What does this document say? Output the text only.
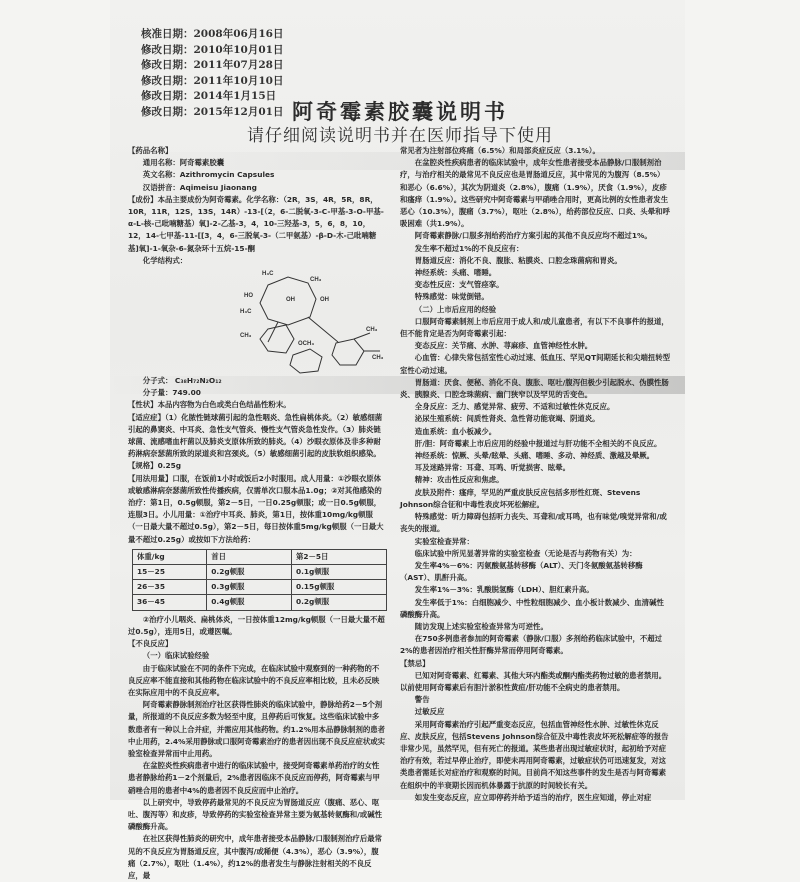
核准日期：2008年06月16日
修改日期：2010年10月01日
修改日期：2011年07月28日
修改日期：2011年10月10日
修改日期：2014年1月15日
修改日期：2015年12月01日 阿奇霉素胶囊说明书
请仔细阅读说明书并在医师指导下使用

【药品名称】

通用名称：阿奇霉素胶囊

英文名称：Azithromycin Capsules

汉语拼音：Aqimeisu Jiaonang

【成份】本品主要成份为阿奇霉素。化学名称：（2R，3S，4R，5R，8R，10R，11R，12S，13S，14R）-13-[（2，6-二脱氧-3-C-甲基-3-O-甲基-α-L-核-己吡喃糖基）氧]-2-乙基-3，4，10-三羟基-3，5，6，8，10，12，14-七甲基-11-[[3，4，6-三脱氧-3-（二甲氨基）-β-D-木-己吡喃糖基]氧]-1-氧杂-6-氮杂环十五烷-15-酮

化学结构式：

H₃C
CH₃
HO
OH
H₃C
OH
CH₃
CH₃
CH₃
OCH₃

分子式： C₃₈H₇₂N₂O₁₂

分子量：749.00

【性状】本品内容物为白色或类白色结晶性粉末。

【适应症】（1）化脓性链球菌引起的急性咽炎、急性扁桃体炎。（2）敏感细菌引起的鼻窦炎、中耳炎、急性支气管炎、慢性支气管炎急性发作。（3）肺炎链球菌、流感嗜血杆菌以及肺炎支原体所致的肺炎。（4）沙眼衣原体及非多种耐药淋病奈瑟菌所致的尿道炎和宫颈炎。（5）敏感细菌引起的皮肤软组织感染。

【规格】0.25g

【用法用量】口服，在饭前1小时或饭后2小时服用。成人用量：①沙眼衣原体或敏感淋病奈瑟菌所致性传播疾病，仅需单次口服本品1.0g；②对其他感染的治疗：第1日，0.5g顿服，第2－5日，一日0.25g顿服；或一日0.5g顿服，连服3日。小儿用量：①治疗中耳炎、肺炎，第1日，按体重10mg/kg顿服（一日最大量不超过0.5g），第2－5日，每日按体重5mg/kg顿服（一日最大量不超过0.25g）或按如下方法给药：

体重/kg	首日	第2－5日
15－25	0.2g顿服	0.1g顿服
26－35	0.3g顿服	0.15g顿服
36－45	0.4g顿服	0.2g顿服

②治疗小儿咽炎、扁桃体炎，一日按体重12mg/kg顿服（一日最大量不超过0.5g），连用5日，或遵医嘱。

【不良反应】

（一）临床试验经验

由于临床试验在不同的条件下完成，在临床试验中观察到的一种药物的不良反应率不能直接和其他药物在临床试验中的不良反应率相比较，且未必反映在实际应用中的不良反应率。

阿奇霉素静脉制剂治疗社区获得性肺炎的临床试验中，静脉给药2－5个剂量，所报道的不良反应多数为轻至中度，且停药后可恢复。这些临床试验中多数患者有一种以上合并症，并需应用其他药物。约1.2%用本品静脉制剂的患者中止用药，2.4%采用静脉或口服阿奇霉素治疗的患者因出现不良反应症状或实验室检查异常而中止用药。

在盆腔炎性疾病患者中进行的临床试验中，接受阿奇霉素单药治疗的女性患者静脉给药1－2个剂量后，2%患者因临床不良反应而停药，阿奇霉素与甲硝唑合用的患者中4%的患者因不良反应而中止治疗。

以上研究中，导致停药最常见的不良反应为胃肠道反应（腹痛、恶心、呕吐、腹泻等）和皮疹，导致停药的实验室检查异常主要为氨基转氨酶和/或碱性磷酸酶升高。

在社区获得性肺炎的研究中，成年患者接受本品静脉/口服制剂治疗后最常见的不良反应为胃肠道反应，其中腹泻/或稀便（4.3%），恶心（3.9%），腹痛（2.7%），呕吐（1.4%），约12%的患者发生与静脉注射相关的不良反应，最

常见者为注射部位疼痛（6.5%）和局部炎症反应（3.1%）。

在盆腔炎性疾病患者的临床试验中，成年女性患者接受本品静脉/口服制剂治疗，与治疗相关的最常见不良反应也是胃肠道反应，其中常见的为腹泻（8.5%）和恶心（6.6%），其次为阴道炎（2.8%），腹痛（1.9%），厌食（1.9%），皮疹和瘙痒（1.9%）。这些研究中阿奇霉素与甲硝唑合用时，更高比例的女性患者发生恶心（10.3%），腹痛（3.7%），呕吐（2.8%），给药部位反应、口炎、头晕和呼吸困难（共1.9%）。

阿奇霉素静脉/口服多剂给药治疗方案引起的其他不良反应均不超过1%。

发生率不超过1%的不良反应有：

胃肠道反应：消化不良、腹胀、粘膜炎、口腔念珠菌病和胃炎。

神经系统：头痛、嗜睡。

变态性反应：支气管痉挛。

特殊感觉：味觉倒错。

（二）上市后应用的经验

口服阿奇霉素制剂上市后应用于成人和/或儿童患者，有以下不良事件的报道，但不能肯定是否为阿奇霉素引起：

变态反应：关节痛、水肿、荨麻疹、血管神经性水肿。

心血管：心律失常包括室性心动过速、低血压、罕见QT间期延长和尖端扭转型室性心动过速。

胃肠道：厌食、便秘、消化不良、腹胀、呕吐/腹泻但极少引起脱水、伪膜性肠炎、胰腺炎、口腔念珠菌病、幽门狭窄以及罕见的舌变色。

全身反应：乏力、感觉异常、疲劳、不适和过敏性休克反应。

泌尿生殖系统：间质性肾炎、急性肾功能衰竭、阴道炎。

造血系统：血小板减少。

肝/胆：阿奇霉素上市后应用的经验中报道过与肝功能不全相关的不良反应。

神经系统：惊厥、头晕/眩晕、头痛、嗜睡、多动、神经质、激越及晕厥。

耳及迷路异常：耳聋、耳鸣、听觉损害、眩晕。

精神：攻击性反应和焦虑。

皮肤及附件：瘙痒，罕见的严重皮肤反应包括多形性红斑、Stevens Johnson综合征和中毒性表皮坏死松解症。

特殊感觉：听力障碍包括听力丧失、耳聋和/或耳鸣，也有味觉/嗅觉异常和/或丧失的报道。

实验室检查异常：

临床试验中所见显著异常的实验室检查（无论是否与药物有关）为：

发生率4%－6%：丙氨酸氨基转移酶（ALT）、天门冬氨酸氨基转移酶（AST）、肌酐升高。

发生率1%－3%：乳酸脱氢酶（LDH）、胆红素升高。

发生率低于1%：白细胞减少、中性粒细胞减少、血小板计数减少、血清碱性磷酸酶升高。

随访发现上述实验室检查异常为可逆性。

在750多例患者参加的阿奇霉素（静脉/口服）多剂给药临床试验中，不超过2%的患者因治疗相关性肝酶异常而停用阿奇霉素。

【禁忌】

已知对阿奇霉素、红霉素、其他大环内酯类或酮内酯类药物过敏的患者禁用。以前使用阿奇霉素后有胆汁淤积性黄疸/肝功能不全病史的患者禁用。

警告

过敏反应

采用阿奇霉素治疗引起严重变态反应，包括血管神经性水肿、过敏性休克反应、皮肤反应，包括Stevens Johnson综合征及中毒性表皮坏死松解症等的报告非常少见，虽然罕见，但有死亡的报道。某些患者出现过敏症状时，起初给予对症治疗有效，若过早停止治疗，即使未再用阿奇霉素，过敏症状仍可迅速复发，对这类患者需延长对症治疗和观察的时间。目前尚不知这些事件的发生是否与阿奇霉素在组织中的半衰期长因而机体暴露于抗原的时间较长有关。

如发生变态反应，应立即停药并给予适当的治疗，医生应知道，停止对症
